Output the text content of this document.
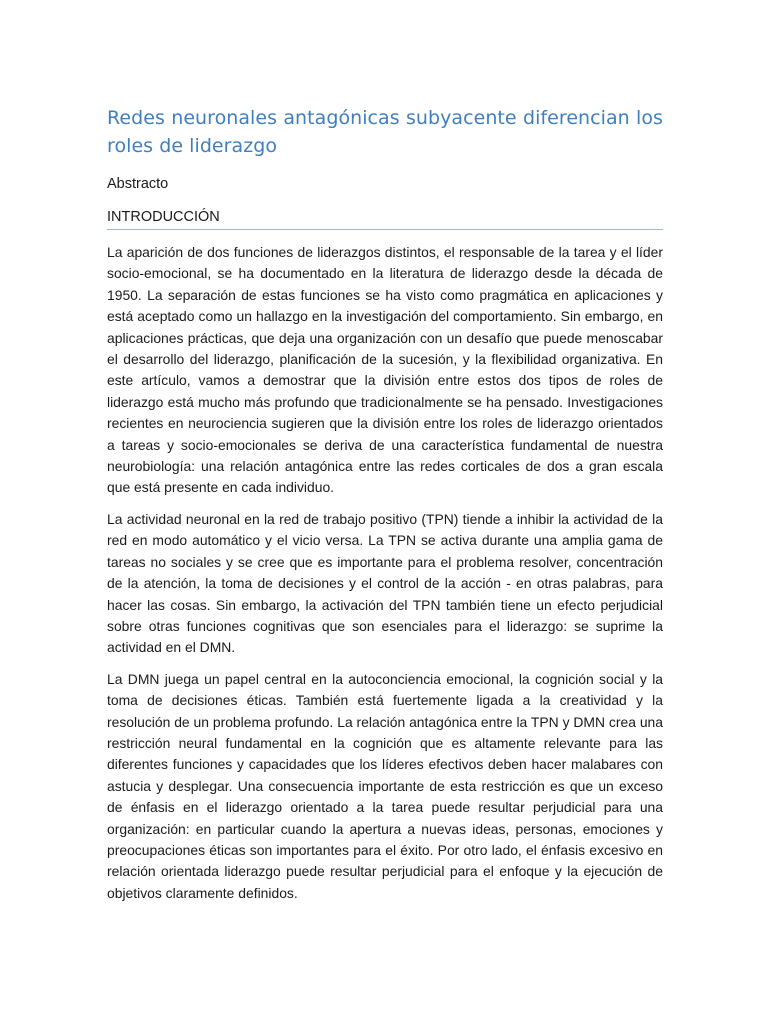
Redes neuronales antagónicas subyacente diferencian los roles de liderazgo
Abstracto
INTRODUCCIÓN

La aparición de dos funciones de liderazgos distintos, el responsable de la tarea y el líder socio-emocional, se ha documentado en la literatura de liderazgo desde la década de 1950. La separación de estas funciones se ha visto como pragmática en aplicaciones y está aceptado como un hallazgo en la investigación del comportamiento. Sin embargo, en aplicaciones prácticas, que deja una organización con un desafío que puede menoscabar el desarrollo del liderazgo, planificación de la sucesión, y la flexibilidad organizativa. En este artículo, vamos a demostrar que la división entre estos dos tipos de roles de liderazgo está mucho más profundo que tradicionalmente se ha pensado. Investigaciones recientes en neurociencia sugieren que la división entre los roles de liderazgo orientados a tareas y socio-emocionales se deriva de una característica fundamental de nuestra neurobiología: una relación antagónica entre las redes corticales de dos a gran escala que está presente en cada individuo.

La actividad neuronal en la red de trabajo positivo (TPN) tiende a inhibir la actividad de la red en modo automático y el vicio versa. La TPN se activa durante una amplia gama de tareas no sociales y se cree que es importante para el problema resolver, concentración de la atención, la toma de decisiones y el control de la acción - en otras palabras, para hacer las cosas. Sin embargo, la activación del TPN también tiene un efecto perjudicial sobre otras funciones cognitivas que son esenciales para el liderazgo: se suprime la actividad en el DMN.

La DMN juega un papel central en la autoconciencia emocional, la cognición social y la toma de decisiones éticas. También está fuertemente ligada a la creatividad y la resolución de un problema profundo. La relación antagónica entre la TPN y DMN crea una restricción neural fundamental en la cognición que es altamente relevante para las diferentes funciones y capacidades que los líderes efectivos deben hacer malabares con astucia y desplegar. Una consecuencia importante de esta restricción es que un exceso de énfasis en el liderazgo orientado a la tarea puede resultar perjudicial para una organización: en particular cuando la apertura a nuevas ideas, personas, emociones y preocupaciones éticas son importantes para el éxito. Por otro lado, el énfasis excesivo en relación orientada liderazgo puede resultar perjudicial para el enfoque y la ejecución de objetivos claramente definidos.
